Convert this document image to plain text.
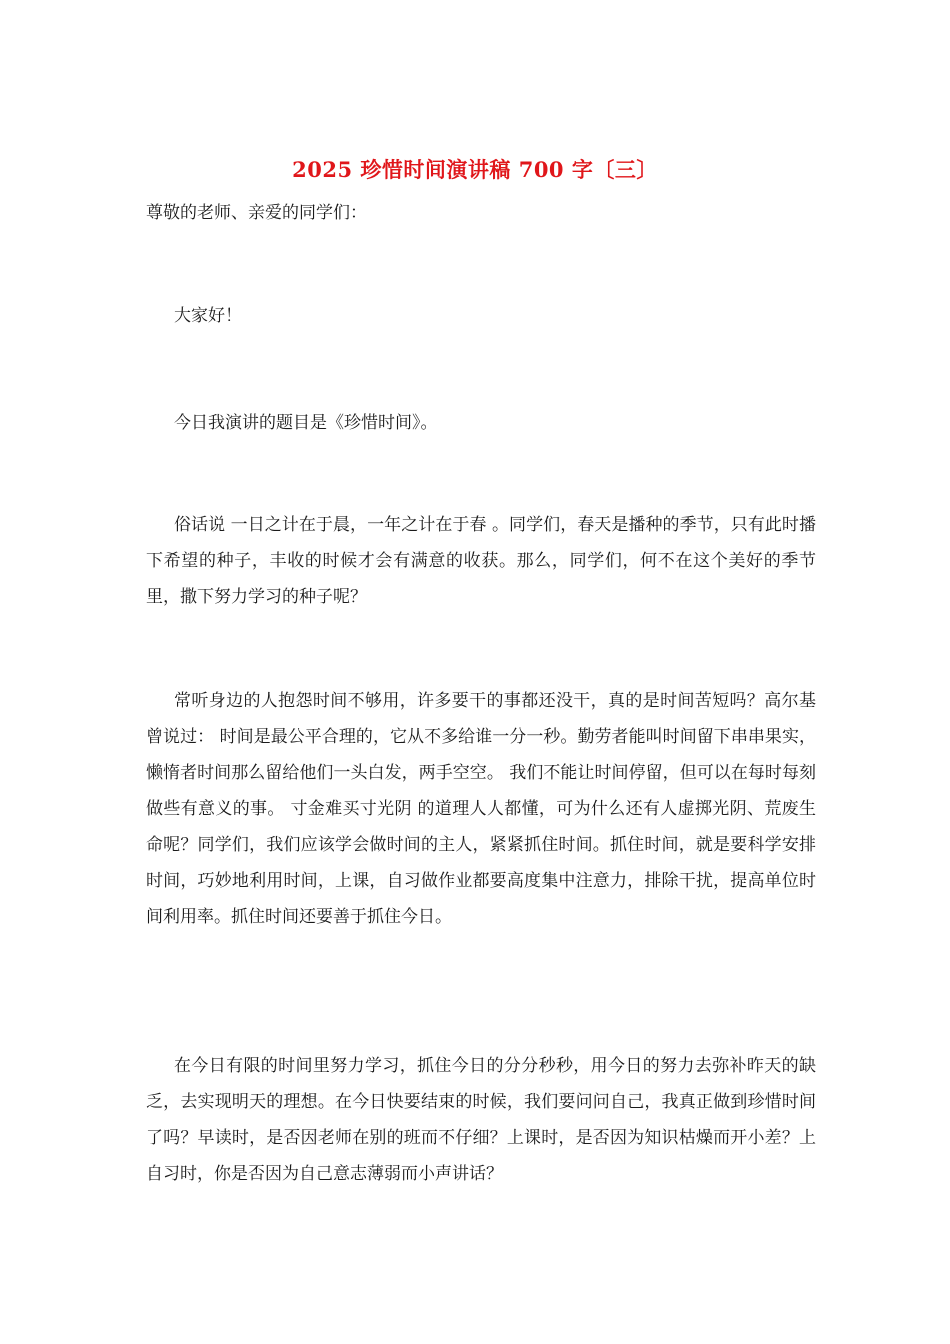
2025 珍惜时间演讲稿 700 字〔三〕
尊敬的老师、亲爱的同学们：

大家好！

今日我演讲的题目是《珍惜时间》。

俗话说 一日之计在于晨，一年之计在于春 。同学们，春天是播种的季节，只有此时播下希望的种子，丰收的时候才会有满意的收获。那么，同学们，何不在这个美好的季节里，撒下努力学习的种子呢？

常听身边的人抱怨时间不够用，许多要干的事都还没干，真的是时间苦短吗？高尔基曾说过： 时间是最公平合理的，它从不多给谁一分一秒。勤劳者能叫时间留下串串果实，懒惰者时间那么留给他们一头白发，两手空空。 我们不能让时间停留，但可以在每时每刻做些有意义的事。 寸金难买寸光阴 的道理人人都懂，可为什么还有人虚掷光阴、荒废生命呢？同学们，我们应该学会做时间的主人，紧紧抓住时间。抓住时间，就是要科学安排时间，巧妙地利用时间，上课，自习做作业都要高度集中注意力，排除干扰，提高单位时间利用率。抓住时间还要善于抓住今日。

在今日有限的时间里努力学习，抓住今日的分分秒秒，用今日的努力去弥补昨天的缺乏，去实现明天的理想。在今日快要结束的时候，我们要问问自己，我真正做到珍惜时间了吗？早读时，是否因老师在别的班而不仔细？上课时，是否因为知识枯燥而开小差？上自习时，你是否因为自己意志薄弱而小声讲话？
